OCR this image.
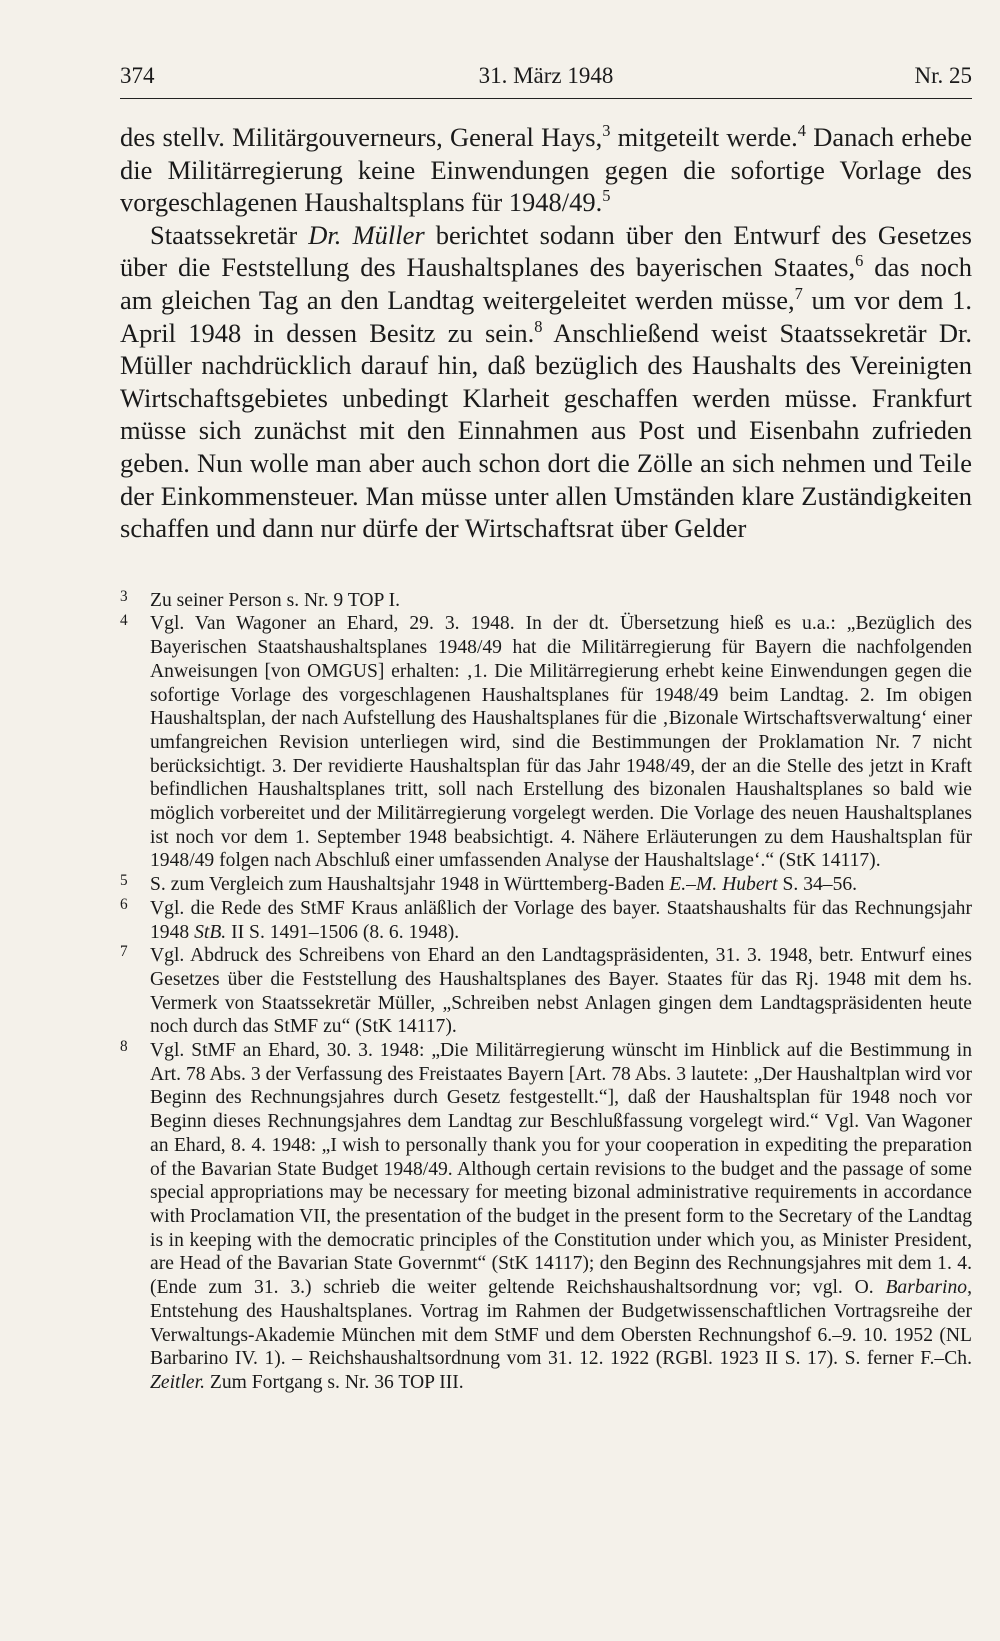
374	31. März 1948	Nr. 25

des stellv. Militärgouverneurs, General Hays,$^3$ mitgeteilt werde.$^4$ Danach erhebe die Militärregierung keine Einwendungen gegen die sofortige Vorlage des vorgeschlagenen Haushaltsplans für 1948/49.$^5$

Staatssekretär Dr. Müller berichtet sodann über den Entwurf des Gesetzes über die Feststellung des Haushaltsplanes des bayerischen Staates,$^6$ das noch am gleichen Tag an den Landtag weitergeleitet werden müsse,$^7$ um vor dem 1. April 1948 in dessen Besitz zu sein.$^8$ Anschließend weist Staatssekretär Dr. Müller nachdrücklich darauf hin, daß bezüglich des Haushalts des Vereinigten Wirtschaftsgebietes unbedingt Klarheit geschaffen werden müsse. Frankfurt müsse sich zunächst mit den Einnahmen aus Post und Eisenbahn zufrieden geben. Nun wolle man aber auch schon dort die Zölle an sich nehmen und Teile der Einkommensteuer. Man müsse unter allen Umständen klare Zuständigkeiten schaffen und dann nur dürfe der Wirtschaftsrat über Gelder

3	Zu seiner Person s. Nr. 9 TOP I.
4	Vgl. Van Wagoner an Ehard, 29. 3. 1948. In der dt. Übersetzung hieß es u.a.: „Bezüglich des Bayerischen Staatshaushaltsplanes 1948/49 hat die Militärregierung für Bayern die nachfolgenden Anweisungen [von OMGUS] erhalten: ‚1. Die Militärregierung erhebt keine Einwendungen gegen die sofortige Vorlage des vorgeschlagenen Haushaltsplanes für 1948/49 beim Landtag. 2. Im obigen Haushaltsplan, der nach Aufstellung des Haushaltsplanes für die ‚Bizonale Wirtschaftsverwaltung‘ einer umfangreichen Revision unterliegen wird, sind die Bestimmungen der Proklamation Nr. 7 nicht berücksichtigt. 3. Der revidierte Haushaltsplan für das Jahr 1948/49, der an die Stelle des jetzt in Kraft befindlichen Haushaltsplanes tritt, soll nach Erstellung des bizonalen Haushaltsplanes so bald wie möglich vorbereitet und der Militärregierung vorgelegt werden. Die Vorlage des neuen Haushaltsplanes ist noch vor dem 1. September 1948 beabsichtigt. 4. Nähere Erläuterungen zu dem Haushaltsplan für 1948/49 folgen nach Abschluß einer umfassenden Analyse der Haushaltslage‘.“ (StK 14117).
5	S. zum Vergleich zum Haushaltsjahr 1948 in Württemberg-Baden E.–M. Hubert S. 34–56.
6	Vgl. die Rede des StMF Kraus anläßlich der Vorlage des bayer. Staatshaushalts für das Rechnungsjahr 1948 StB. II S. 1491–1506 (8. 6. 1948).
7	Vgl. Abdruck des Schreibens von Ehard an den Landtagspräsidenten, 31. 3. 1948, betr. Entwurf eines Gesetzes über die Feststellung des Haushaltsplanes des Bayer. Staates für das Rj. 1948 mit dem hs. Vermerk von Staatssekretär Müller, „Schreiben nebst Anlagen gingen dem Landtagspräsidenten heute noch durch das StMF zu“ (StK 14117).
8	Vgl. StMF an Ehard, 30. 3. 1948: „Die Militärregierung wünscht im Hinblick auf die Bestimmung in Art. 78 Abs. 3 der Verfassung des Freistaates Bayern [Art. 78 Abs. 3 lautete: „Der Haushaltplan wird vor Beginn des Rechnungsjahres durch Gesetz festgestellt.“], daß der Haushaltsplan für 1948 noch vor Beginn dieses Rechnungsjahres dem Landtag zur Beschlußfassung vorgelegt wird.“ Vgl. Van Wagoner an Ehard, 8. 4. 1948: „I wish to personally thank you for your cooperation in expediting the preparation of the Bavarian State Budget 1948/49. Although certain revisions to the budget and the passage of some special appropriations may be necessary for meeting bizonal administrative requirements in accordance with Proclamation VII, the presentation of the budget in the present form to the Secretary of the Landtag is in keeping with the democratic principles of the Constitution under which you, as Minister President, are Head of the Bavarian State Governmt“ (StK 14117); den Beginn des Rechnungsjahres mit dem 1. 4. (Ende zum 31. 3.) schrieb die weiter geltende Reichshaushaltsordnung vor; vgl. O. Barbarino, Entstehung des Haushaltsplanes. Vortrag im Rahmen der Budgetwissenschaftlichen Vortragsreihe der Verwaltungs-Akademie München mit dem StMF und dem Obersten Rechnungshof 6.–9. 10. 1952 (NL Barbarino IV. 1). – Reichshaushaltsordnung vom 31. 12. 1922 (RGBl. 1923 II S. 17). S. ferner F.–Ch. Zeitler. Zum Fortgang s. Nr. 36 TOP III.
